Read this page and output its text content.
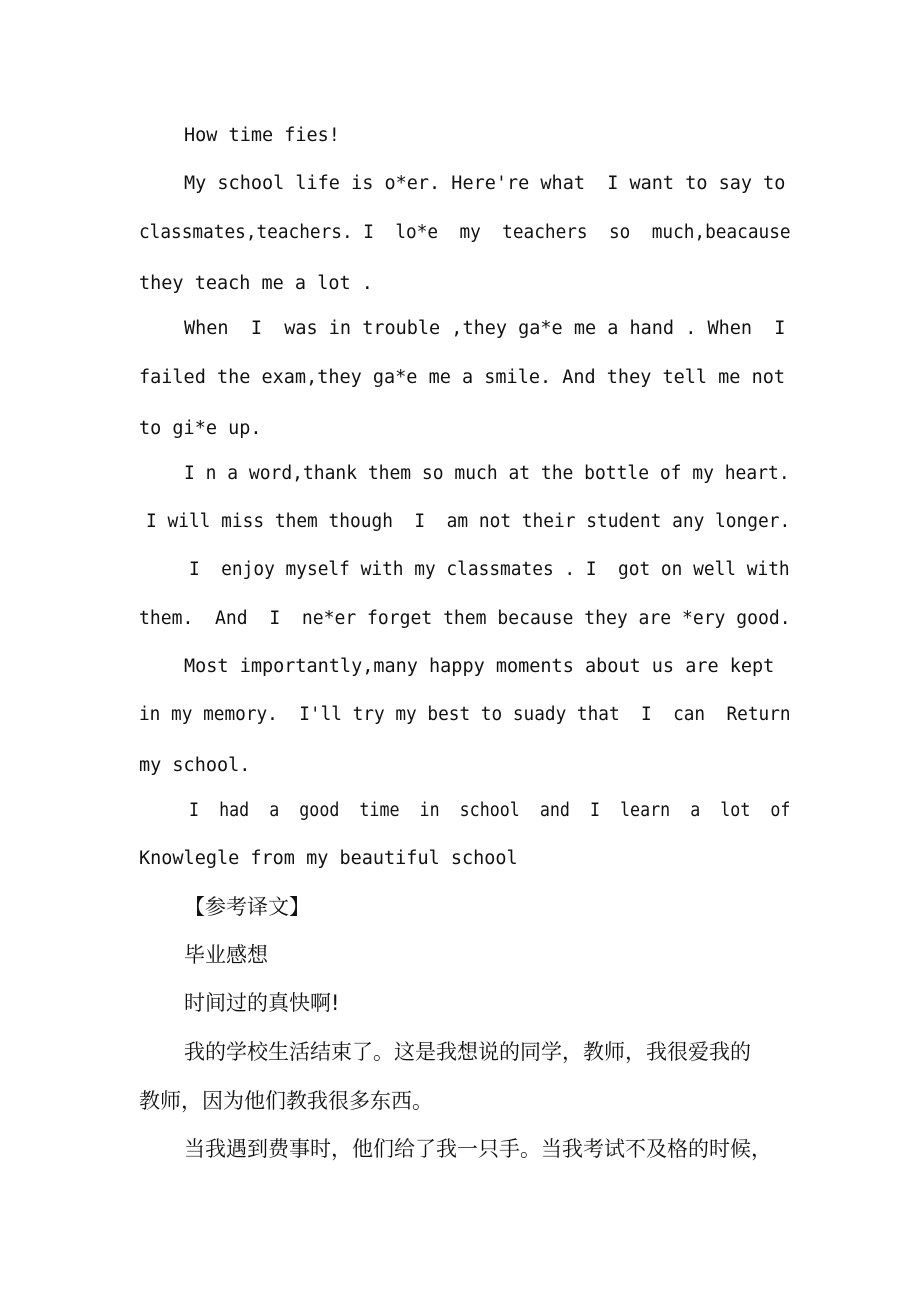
How time fies!

My school life is o*er. Here're what  I want to say to

classmates,teachers. I  lo*e  my  teachers  so  much,beacause

they teach me a lot .

When  I  was in trouble ,they ga*e me a hand . When  I

failed the exam,they ga*e me a smile. And they tell me not

to gi*e up.

I n a word,thank them so much at the bottle of my heart.

I will miss them though  I  am not their student any longer.

I  enjoy myself with my classmates . I  got on well with

them.  And  I  ne*er forget them because they are *ery good.

Most importantly,many happy moments about us are kept

in my memory.  I'll try my best to suady that  I  can  Return

my school.

I  had  a  good  time  in  school  and  I  learn  a  lot  of

Knowlegle from my beautiful school

【参考译文】

毕业感想

时间过的真快啊!

我的学校生活结束了。这是我想说的同学，教师，我很爱我的

教师，因为他们教我很多东西。

当我遇到费事时，他们给了我一只手。当我考试不及格的时候，
